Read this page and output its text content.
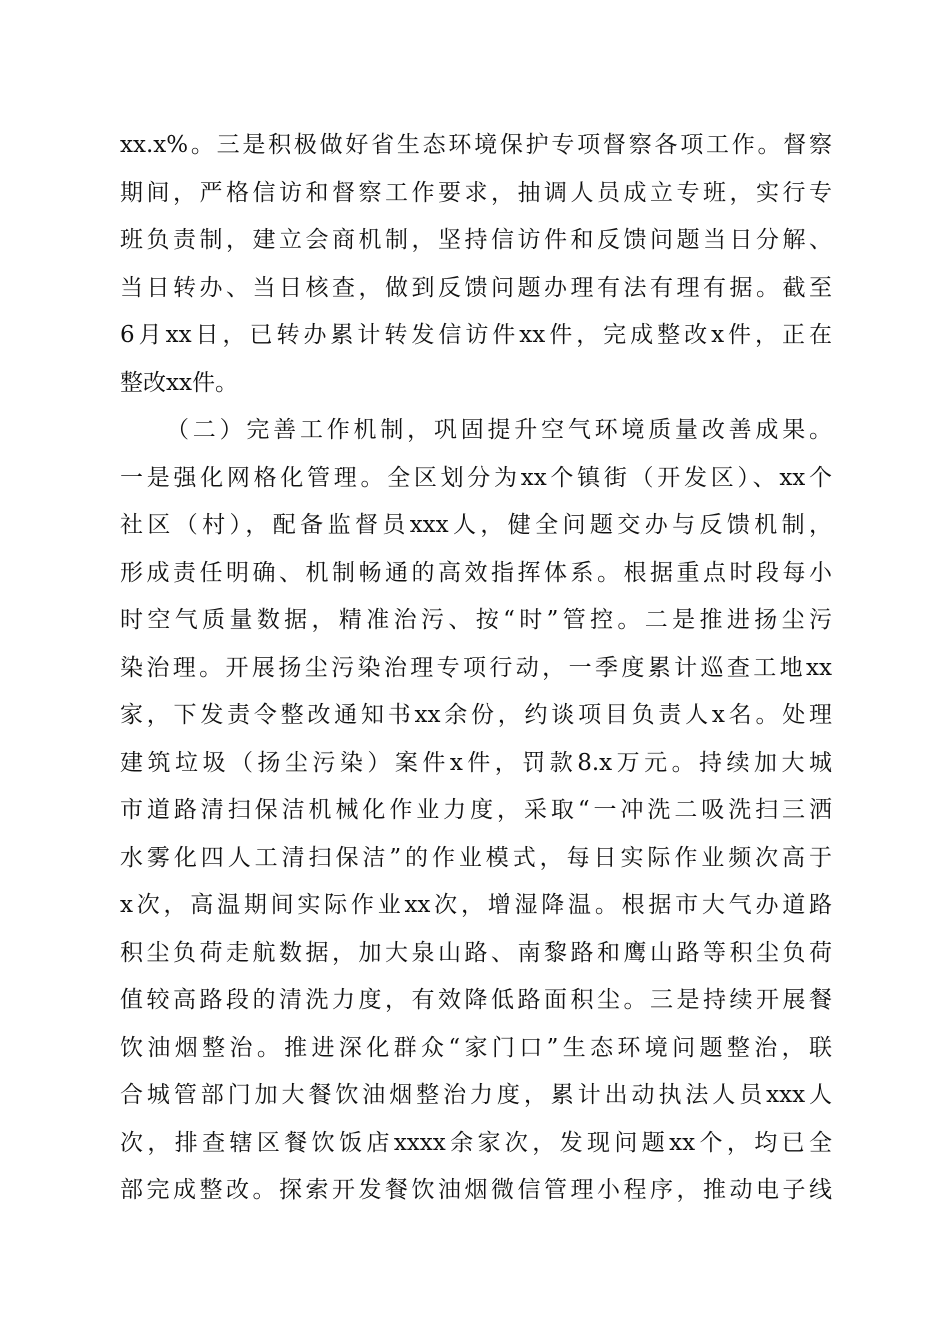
xx.x%。三是积极做好省生态环境保护专项督察各项工作。督察
期间，严格信访和督察工作要求，抽调人员成立专班，实行专
班负责制，建立会商机制，坚持信访件和反馈问题当日分解、
当日转办、当日核查，做到反馈问题办理有法有理有据。截至
6月xx日，已转办累计转发信访件xx件，完成整改x件，正在
整改xx件。
（二）完善工作机制，巩固提升空气环境质量改善成果。
一是强化网格化管理。全区划分为xx个镇街（开发区）、xx个
社区（村），配备监督员xxx人，健全问题交办与反馈机制，
形成责任明确、机制畅通的高效指挥体系。根据重点时段每小
时空气质量数据，精准治污、按“时”管控。二是推进扬尘污
染治理。开展扬尘污染治理专项行动，一季度累计巡查工地xx
家，下发责令整改通知书xx余份，约谈项目负责人x名。处理
建筑垃圾（扬尘污染）案件x件，罚款8.x万元。持续加大城
市道路清扫保洁机械化作业力度，采取“一冲洗二吸洗扫三洒
水雾化四人工清扫保洁”的作业模式，每日实际作业频次高于
x次，高温期间实际作业xx次，增湿降温。根据市大气办道路
积尘负荷走航数据，加大泉山路、南黎路和鹰山路等积尘负荷
值较高路段的清洗力度，有效降低路面积尘。三是持续开展餐
饮油烟整治。推进深化群众“家门口”生态环境问题整治，联
合城管部门加大餐饮油烟整治力度，累计出动执法人员xxx人
次，排查辖区餐饮饭店xxxx余家次，发现问题xx个，均已全
部完成整改。探索开发餐饮油烟微信管理小程序，推动电子线
